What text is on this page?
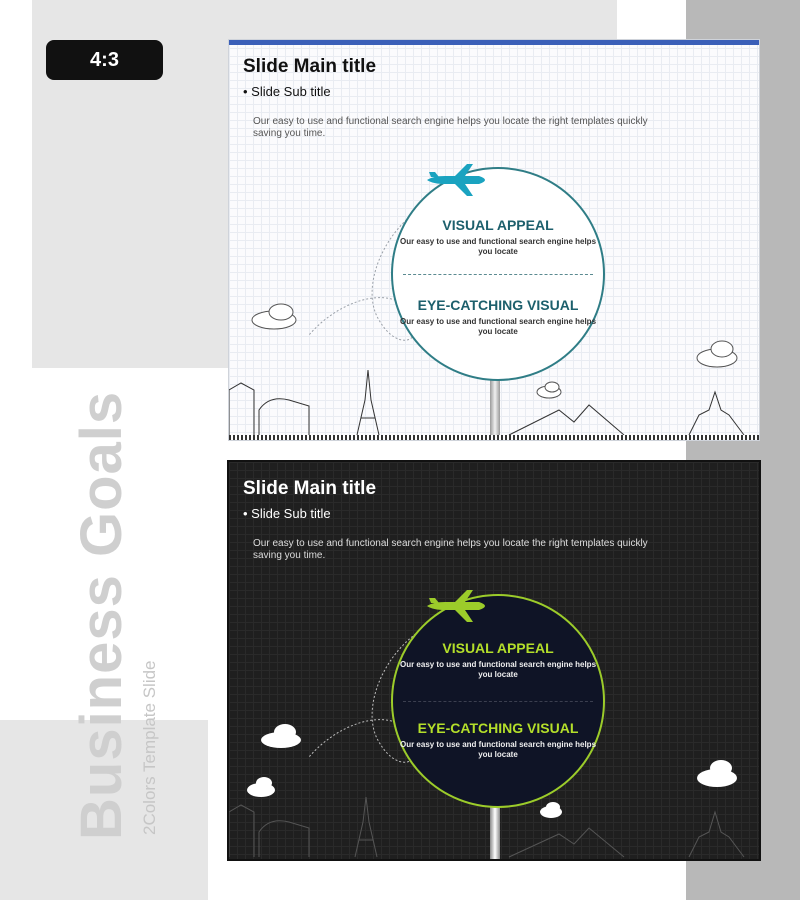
4:3
Business Goals 2Colors Template Slide
Slide Main title
• Slide Sub title
Our easy to use and functional search engine helps you locate the right templates quickly saving you time.
VISUAL APPEAL
Our easy to use and functional search engine helps you locate
EYE-CATCHING VISUAL
Our easy to use and functional search engine helps you locate
Slide Main title
• Slide Sub title
Our easy to use and functional search engine helps you locate the right templates quickly saving you time.
VISUAL APPEAL
Our easy to use and functional search engine helps you locate
EYE-CATCHING VISUAL
Our easy to use and functional search engine helps you locate
